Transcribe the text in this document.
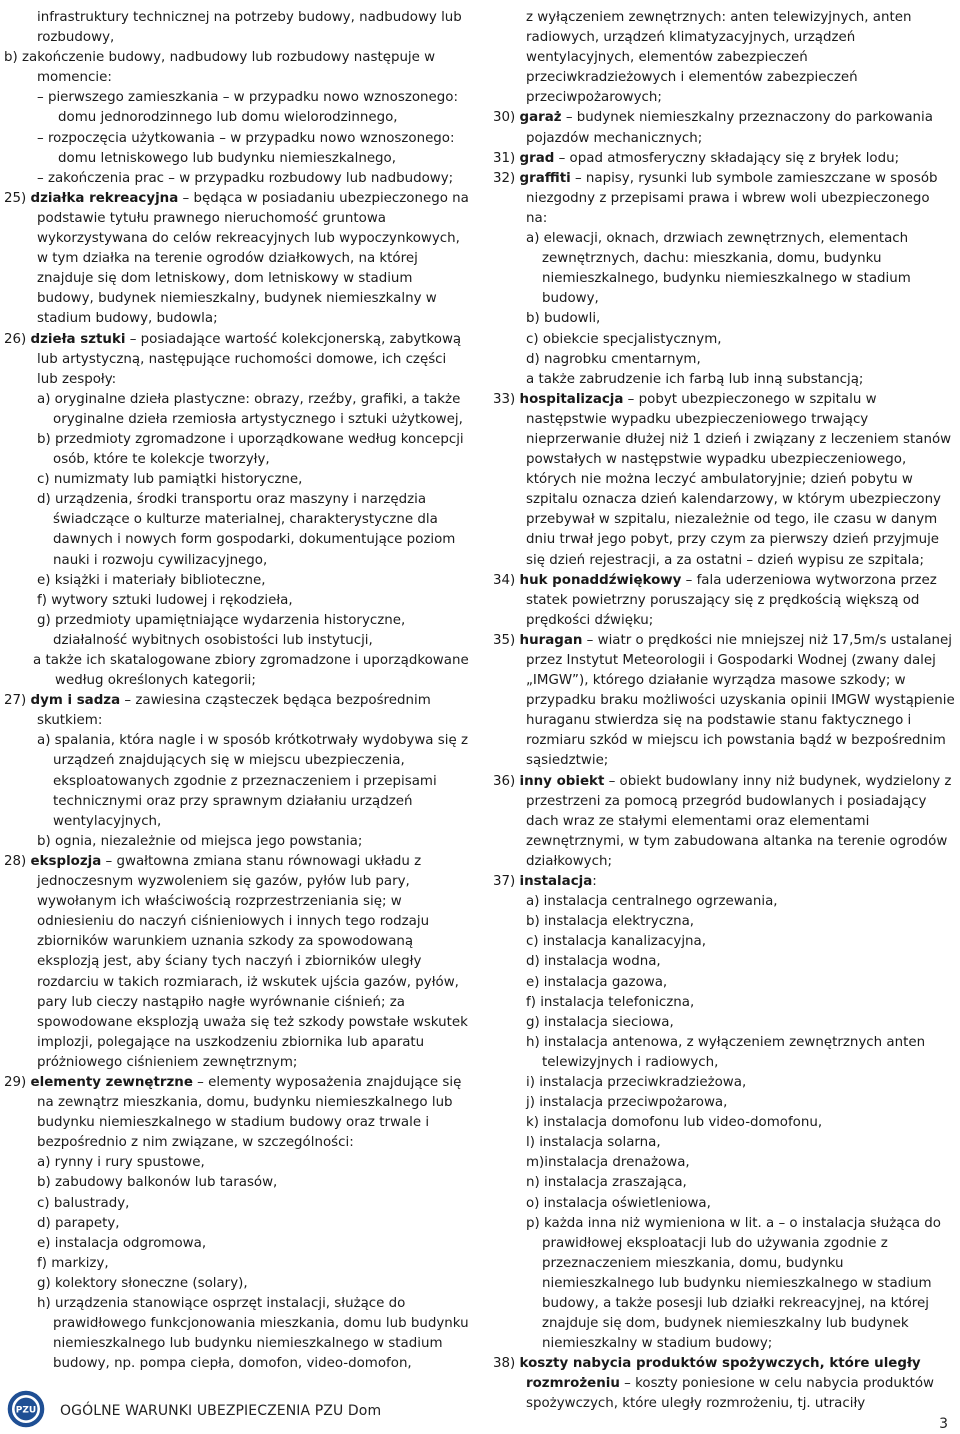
infrastruktury technicznej na potrzeby budowy, nadbudowy lub rozbudowy,

b) zakończenie budowy, nadbudowy lub rozbudowy następuje w momencie:

– pierwszego zamieszkania – w przypadku nowo wznoszonego: domu jednorodzinnego lub domu wielorodzinnego,

– rozpoczęcia użytkowania – w przypadku nowo wznoszonego: domu letniskowego lub budynku niemieszkalnego,

– zakończenia prac – w przypadku rozbudowy lub nadbudowy;

25) działka rekreacyjna – będąca w posiadaniu ubezpieczonego na podstawie tytułu prawnego nieruchomość gruntowa wykorzystywana do celów rekreacyjnych lub wypoczynkowych, w tym działka na terenie ogrodów działkowych, na której znajduje się dom letniskowy, dom letniskowy w stadium budowy, budynek niemieszkalny, budynek niemieszkalny w stadium budowy, budowla;

26) dzieła sztuki – posiadające wartość kolekcjonerską, zabytkową lub artystyczną, następujące ruchomości domowe, ich części lub zespoły:

a) oryginalne dzieła plastyczne: obrazy, rzeźby, grafiki, a także oryginalne dzieła rzemiosła artystycznego i sztuki użytkowej,

b) przedmioty zgromadzone i uporządkowane według koncepcji osób, które te kolekcje tworzyły,

c) numizmaty lub pamiątki historyczne,

d) urządzenia, środki transportu oraz maszyny i narzędzia świadczące o kulturze materialnej, charakterystyczne dla dawnych i nowych form gospodarki, dokumentujące poziom nauki i rozwoju cywilizacyjnego,

e) książki i materiały biblioteczne,

f) wytwory sztuki ludowej i rękodzieła,

g) przedmioty upamiętniające wydarzenia historyczne, działalność wybitnych osobistości lub instytucji,

a także ich skatalogowane zbiory zgromadzone i uporządkowane według określonych kategorii;

27) dym i sadza – zawiesina cząsteczek będąca bezpośrednim skutkiem:

a) spalania, która nagle i w sposób krótkotrwały wydobywa się z urządzeń znajdujących się w miejscu ubezpieczenia, eksploatowanych zgodnie z przeznaczeniem i przepisami technicznymi oraz przy sprawnym działaniu urządzeń wentylacyjnych,

b) ognia, niezależnie od miejsca jego powstania;

28) eksplozja – gwałtowna zmiana stanu równowagi układu z jednoczesnym wyzwoleniem się gazów, pyłów lub pary, wywołanym ich właściwością rozprzestrzeniania się; w odniesieniu do naczyń ciśnieniowych i innych tego rodzaju zbiorników warunkiem uznania szkody za spowodowaną eksplozją jest, aby ściany tych naczyń i zbiorników uległy rozdarciu w takich rozmiarach, iż wskutek ujścia gazów, pyłów, pary lub cieczy nastąpiło nagłe wyrównanie ciśnień; za spowodowane eksplozją uważa się też szkody powstałe wskutek implozji, polegające na uszkodzeniu zbiornika lub aparatu próżniowego ciśnieniem zewnętrznym;

29) elementy zewnętrzne – elementy wyposażenia znajdujące się na zewnątrz mieszkania, domu, budynku niemieszkalnego lub budynku niemieszkalnego w stadium budowy oraz trwale i bezpośrednio z nim związane, w szczególności:

a) rynny i rury spustowe,

b) zabudowy balkonów lub tarasów,

c) balustrady,

d) parapety,

e) instalacja odgromowa,

f) markizy,

g) kolektory słoneczne (solary),

h) urządzenia stanowiące osprzęt instalacji, służące do prawidłowego funkcjonowania mieszkania, domu lub budynku niemieszkalnego lub budynku niemieszkalnego w stadium budowy, np. pompa ciepła, domofon, video-domofon,

z wyłączeniem zewnętrznych: anten telewizyjnych, anten radiowych, urządzeń klimatyzacyjnych, urządzeń wentylacyjnych, elementów zabezpieczeń przeciwkradzieżowych i elementów zabezpieczeń przeciwpożarowych;

30) garaż – budynek niemieszkalny przeznaczony do parkowania pojazdów mechanicznych;

31) grad – opad atmosferyczny składający się z bryłek lodu;

32) graffiti – napisy, rysunki lub symbole zamieszczane w sposób niezgodny z przepisami prawa i wbrew woli ubezpieczonego na:

a) elewacji, oknach, drzwiach zewnętrznych, elementach zewnętrznych, dachu: mieszkania, domu, budynku niemieszkalnego, budynku niemieszkalnego w stadium budowy,

b) budowli,

c) obiekcie specjalistycznym,

d) nagrobku cmentarnym,

a także zabrudzenie ich farbą lub inną substancją;

33) hospitalizacja – pobyt ubezpieczonego w szpitalu w następstwie wypadku ubezpieczeniowego trwający nieprzerwanie dłużej niż 1 dzień i związany z leczeniem stanów powstałych w następstwie wypadku ubezpieczeniowego, których nie można leczyć ambulatoryjnie; dzień pobytu w szpitalu oznacza dzień kalendarzowy, w którym ubezpieczony przebywał w szpitalu, niezależnie od tego, ile czasu w danym dniu trwał jego pobyt, przy czym za pierwszy dzień przyjmuje się dzień rejestracji, a za ostatni – dzień wypisu ze szpitala;

34) huk ponaddźwiękowy – fala uderzeniowa wytworzona przez statek powietrzny poruszający się z prędkością większą od prędkości dźwięku;

35) huragan – wiatr o prędkości nie mniejszej niż 17,5m/s ustalanej przez Instytut Meteorologii i Gospodarki Wodnej (zwany dalej „IMGW”), którego działanie wyrządza masowe szkody; w przypadku braku możliwości uzyskania opinii IMGW wystąpienie huraganu stwierdza się na podstawie stanu faktycznego i rozmiaru szkód w miejscu ich powstania bądź w bezpośrednim sąsiedztwie;

36) inny obiekt – obiekt budowlany inny niż budynek, wydzielony z przestrzeni za pomocą przegród budowlanych i posiadający dach wraz ze stałymi elementami oraz elementami zewnętrznymi, w tym zabudowana altanka na terenie ogrodów działkowych;

37) instalacja:

a) instalacja centralnego ogrzewania,

b) instalacja elektryczna,

c) instalacja kanalizacyjna,

d) instalacja wodna,

e) instalacja gazowa,

f) instalacja telefoniczna,

g) instalacja sieciowa,

h) instalacja antenowa, z wyłączeniem zewnętrznych anten telewizyjnych i radiowych,

i) instalacja przeciwkradzieżowa,

j) instalacja przeciwpożarowa,

k) instalacja domofonu lub video-domofonu,

l) instalacja solarna,

m)instalacja drenażowa,

n) instalacja zraszająca,

o) instalacja oświetleniowa,

p) każda inna niż wymieniona w lit. a – o instalacja służąca do prawidłowej eksploatacji lub do używania zgodnie z przeznaczeniem mieszkania, domu, budynku niemieszkalnego lub budynku niemieszkalnego w stadium budowy, a także posesji lub działki rekreacyjnej, na której znajduje się dom, budynek niemieszkalny lub budynek niemieszkalny w stadium budowy;

38) koszty nabycia produktów spożywczych, które uległy rozmrożeniu – koszty poniesione w celu nabycia produktów spożywczych, które uległy rozmrożeniu, tj. utraciły

PZU OGÓLNE WARUNKI UBEZPIECZENIA PZU Dom
3
